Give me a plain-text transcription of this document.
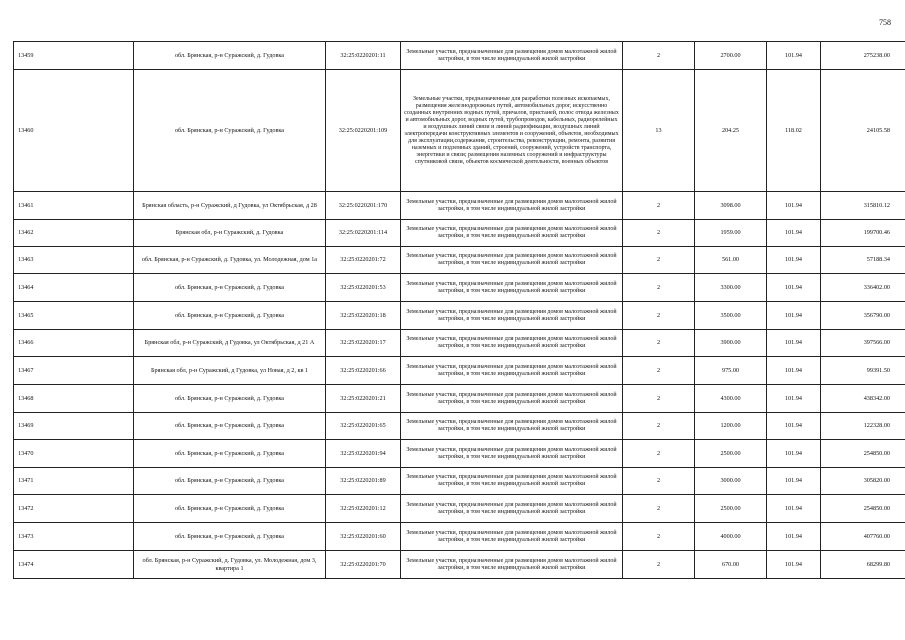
758
13459	обл. Брянская, р-н Суражский, д. Гудовка	32:25:0220201:11	Земельные участки, предназначенные для размещения домов малоэтажной жилой застройки, в том числе индивидуальной жилой застройки	2	2700.00	101.94	275238.00
13460	обл. Брянская, р-н Суражский, д. Гудовка	32:25:0220201:109	Земельные участки, предназначенные для разработки полезных ископаемых, размещения железнодорожных путей, автомобильных дорог, искусственно созданных внутренних водных путей, причалов, пристаней, полос отвода железных и автомобильных дорог, водных путей, трубопроводов, кабельных, радиорелейных и воздушных линий связи и линий радиофикации, воздушных линий электропередачи конструктивных элементов и сооружений, объектов, необходимых для эксплуатации,содержания, строительства, реконструкции, ремонта, развития наземных и подземных зданий, строений, сооружений, устройств транспорта, энергетики и связи; размещения наземных сооружений и инфраструктуры спутниковой связи, объектов космической деятельности, военных объектов	13	204.25	118.02	24105.58
13461	Брянская область, р-н Суражский, д Гудовка, ул Октябрьская, д 28	32:25:0220201:170	Земельные участки, предназначенные для размещения домов малоэтажной жилой застройки, в том числе индивидуальной жилой застройки	2	3098.00	101.94	315810.12
13462	Брянская обл, р-н Суражский, д. Гудовка	32:25:0220201:114	Земельные участки, предназначенные для размещения домов малоэтажной жилой застройки, в том числе индивидуальной жилой застройки	2	1959.00	101.94	199700.46
13463	обл. Брянская, р-н Суражский, д. Гудовка, ул. Молодежная, дом 1а	32:25:0220201:72	Земельные участки, предназначенные для размещения домов малоэтажной жилой застройки, в том числе индивидуальной жилой застройки	2	561.00	101.94	57188.34
13464	обл. Брянская, р-н Суражский, д. Гудовка	32:25:0220201:53	Земельные участки, предназначенные для размещения домов малоэтажной жилой застройки, в том числе индивидуальной жилой застройки	2	3300.00	101.94	336402.00
13465	обл. Брянская, р-н Суражский, д. Гудовка	32:25:0220201:18	Земельные участки, предназначенные для размещения домов малоэтажной жилой застройки, в том числе индивидуальной жилой застройки	2	3500.00	101.94	356790.00
13466	Брянская обл, р-н Суражский, д Гудовка, ул Октябрьская, д 21 А	32:25:0220201:17	Земельные участки, предназначенные для размещения домов малоэтажной жилой застройки, в том числе индивидуальной жилой застройки	2	3900.00	101.94	397566.00
13467	Брянская обл, р-н Суражский, д Гудовка, ул Новая, д 2, кв 1	32:25:0220201:66	Земельные участки, предназначенные для размещения домов малоэтажной жилой застройки, в том числе индивидуальной жилой застройки	2	975.00	101.94	99391.50
13468	обл. Брянская, р-н Суражский, д. Гудовка	32:25:0220201:21	Земельные участки, предназначенные для размещения домов малоэтажной жилой застройки, в том числе индивидуальной жилой застройки	2	4300.00	101.94	438342.00
13469	обл. Брянская, р-н Суражский, д. Гудовка	32:25:0220201:65	Земельные участки, предназначенные для размещения домов малоэтажной жилой застройки, в том числе индивидуальной жилой застройки	2	1200.00	101.94	122328.00
13470	обл. Брянская, р-н Суражский, д. Гудовка	32:25:0220201:94	Земельные участки, предназначенные для размещения домов малоэтажной жилой застройки, в том числе индивидуальной жилой застройки	2	2500.00	101.94	254850.00
13471	обл. Брянская, р-н Суражский, д. Гудовка	32:25:0220201:89	Земельные участки, предназначенные для размещения домов малоэтажной жилой застройки, в том числе индивидуальной жилой застройки	2	3000.00	101.94	305820.00
13472	обл. Брянская, р-н Суражский, д. Гудовка	32:25:0220201:12	Земельные участки, предназначенные для размещения домов малоэтажной жилой застройки, в том числе индивидуальной жилой застройки	2	2500.00	101.94	254850.00
13473	обл. Брянская, р-н Суражский, д. Гудовка	32:25:0220201:60	Земельные участки, предназначенные для размещения домов малоэтажной жилой застройки, в том числе индивидуальной жилой застройки	2	4000.00	101.94	407760.00
13474	обл. Брянская, р-н Суражский, д. Гудовка, ул. Молодежная, дом 3, квартира 1	32:25:0220201:70	Земельные участки, предназначенные для размещения домов малоэтажной жилой застройки, в том числе индивидуальной жилой застройки	2	670.00	101.94	68299.80
